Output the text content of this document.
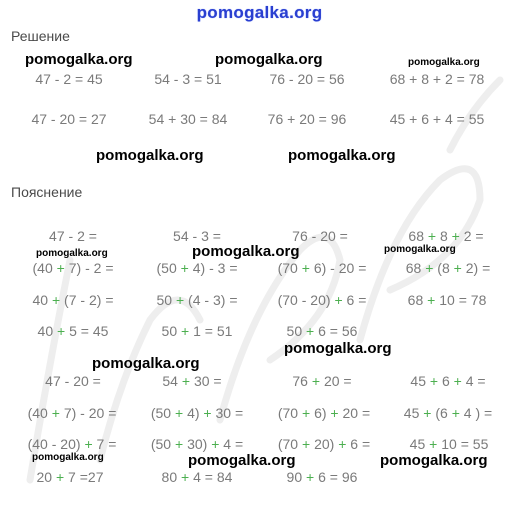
pomogalka.org
Решение
Пояснение
pomogalka.org	pomogalka.org	pomogalka.org
pomogalka.org	pomogalka.org
pomogalka.org	pomogalka.org	pomogalka.org
pomogalka.org
pomogalka.org
pomogalka.org	pomogalka.org	pomogalka.org
47 - 2 = 45	54 - 3 = 51	76 - 20 = 56	68 + 8 + 2 = 78
47 - 20 = 27	54 + 30 = 84	76 + 20 = 96	45 + 6 + 4 = 55
47 - 2 =	54 - 3 =	76 - 20 =	68 + 8 + 2 =
(40 + 7) - 2 =	(50 + 4) - 3 =	(70 + 6) - 20 =	68 + (8 + 2) =
40 + (7 - 2) =	50 + (4 - 3) =	(70 - 20) + 6 =	68 + 10 = 78
40 + 5 = 45	50 + 1 = 51	50 + 6 = 56
47 - 20 =	54 + 30 =	76 + 20 =	45 + 6 + 4 =
(40 + 7) - 20 = (50 + 4) + 30 = (70 + 6) + 20 = 45 + (6 + 4 ) =
(40 - 20) + 7 = (50 + 30) + 4 = (70 + 20) + 6 =	45 + 10 = 55
20 + 7 =27	80 + 4 = 84	90 + 6 = 96
